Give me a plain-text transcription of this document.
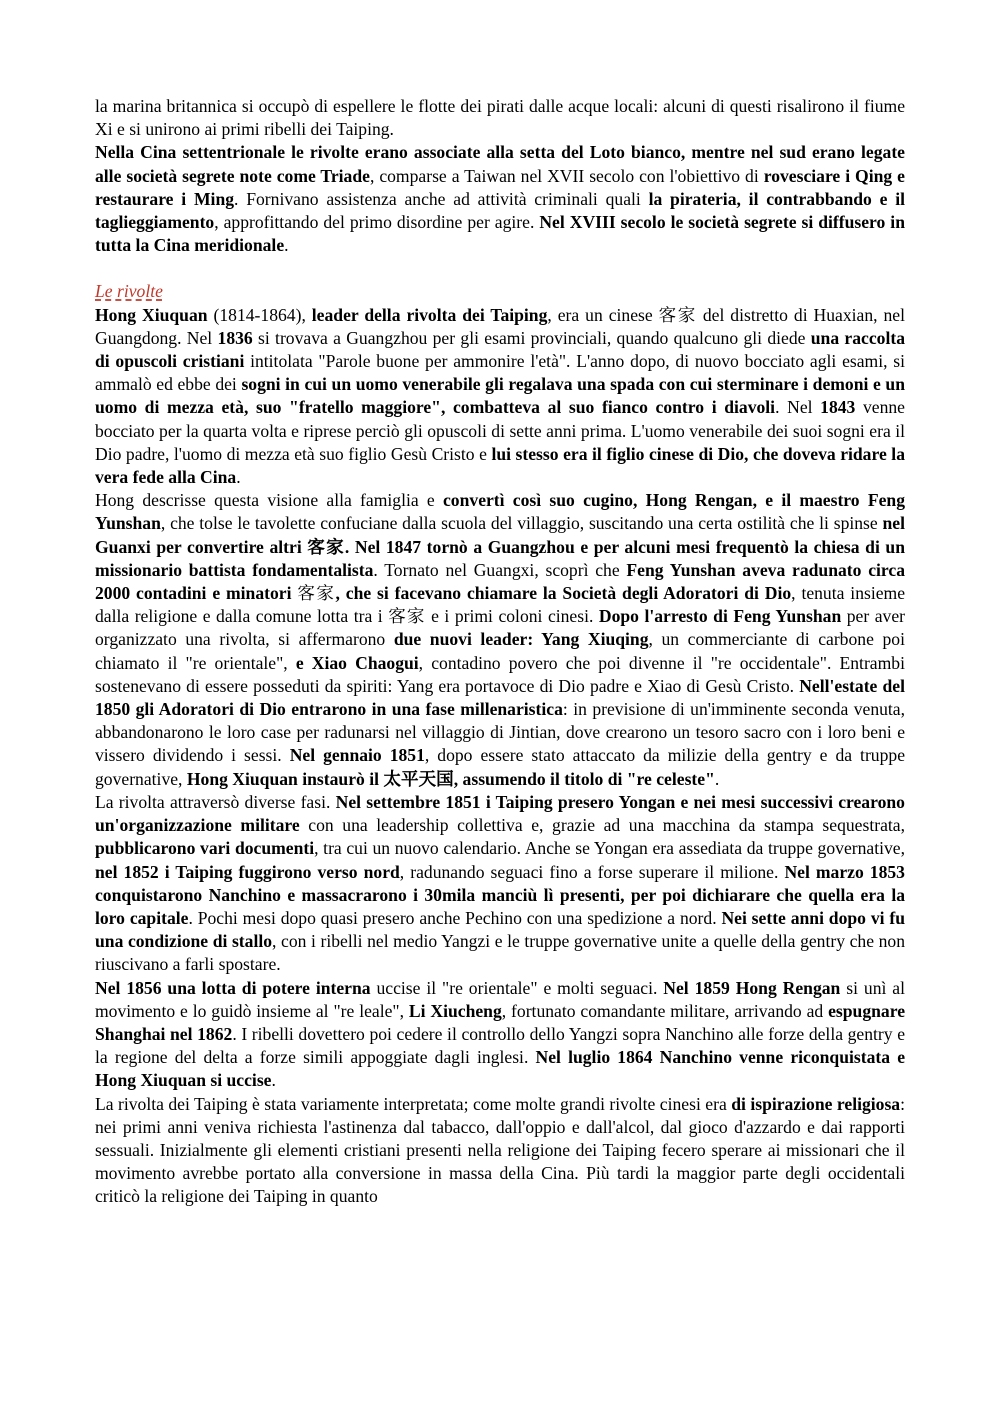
la marina britannica si occupò di espellere le flotte dei pirati dalle acque locali: alcuni di questi risalirono il fiume Xi e si unirono ai primi ribelli dei Taiping.

Nella Cina settentrionale le rivolte erano associate alla setta del Loto bianco, mentre nel sud erano legate alle società segrete note come Triade, comparse a Taiwan nel XVII secolo con l'obiettivo di rovesciare i Qing e restaurare i Ming. Fornivano assistenza anche ad attività criminali quali la pirateria, il contrabbando e il taglieggiamento, approfittando del primo disordine per agire. Nel XVIII secolo le società segrete si diffusero in tutta la Cina meridionale.

Le rivolte

Hong Xiuquan (1814-1864), leader della rivolta dei Taiping, era un cinese 客家 del distretto di Huaxian, nel Guangdong. Nel 1836 si trovava a Guangzhou per gli esami provinciali, quando qualcuno gli diede una raccolta di opuscoli cristiani intitolata "Parole buone per ammonire l'età". L'anno dopo, di nuovo bocciato agli esami, si ammalò ed ebbe dei sogni in cui un uomo venerabile gli regalava una spada con cui sterminare i demoni e un uomo di mezza età, suo "fratello maggiore", combatteva al suo fianco contro i diavoli. Nel 1843 venne bocciato per la quarta volta e riprese perciò gli opuscoli di sette anni prima. L'uomo venerabile dei suoi sogni era il Dio padre, l'uomo di mezza età suo figlio Gesù Cristo e lui stesso era il figlio cinese di Dio, che doveva ridare la vera fede alla Cina.

Hong descrisse questa visione alla famiglia e convertì così suo cugino, Hong Rengan, e il maestro Feng Yunshan, che tolse le tavolette confuciane dalla scuola del villaggio, suscitando una certa ostilità che li spinse nel Guanxi per convertire altri 客家. Nel 1847 tornò a Guangzhou e per alcuni mesi frequentò la chiesa di un missionario battista fondamentalista. Tornato nel Guangxi, scoprì che Feng Yunshan aveva radunato circa 2000 contadini e minatori 客家, che si facevano chiamare la Società degli Adoratori di Dio, tenuta insieme dalla religione e dalla comune lotta tra i 客家 e i primi coloni cinesi. Dopo l'arresto di Feng Yunshan per aver organizzato una rivolta, si affermarono due nuovi leader: Yang Xiuqing, un commerciante di carbone poi chiamato il "re orientale", e Xiao Chaogui, contadino povero che poi divenne il "re occidentale". Entrambi sostenevano di essere posseduti da spiriti: Yang era portavoce di Dio padre e Xiao di Gesù Cristo. Nell'estate del 1850 gli Adoratori di Dio entrarono in una fase millenaristica: in previsione di un'imminente seconda venuta, abbandonarono le loro case per radunarsi nel villaggio di Jintian, dove crearono un tesoro sacro con i loro beni e vissero dividendo i sessi. Nel gennaio 1851, dopo essere stato attaccato da milizie della gentry e da truppe governative, Hong Xiuquan instaurò il 太平天国, assumendo il titolo di "re celeste".

La rivolta attraversò diverse fasi. Nel settembre 1851 i Taiping presero Yongan e nei mesi successivi crearono un'organizzazione militare con una leadership collettiva e, grazie ad una macchina da stampa sequestrata, pubblicarono vari documenti, tra cui un nuovo calendario. Anche se Yongan era assediata da truppe governative, nel 1852 i Taiping fuggirono verso nord, radunando seguaci fino a forse superare il milione. Nel marzo 1853 conquistarono Nanchino e massacrarono i 30mila manciù lì presenti, per poi dichiarare che quella era la loro capitale. Pochi mesi dopo quasi presero anche Pechino con una spedizione a nord. Nei sette anni dopo vi fu una condizione di stallo, con i ribelli nel medio Yangzi e le truppe governative unite a quelle della gentry che non riuscivano a farli spostare.

Nel 1856 una lotta di potere interna uccise il "re orientale" e molti seguaci. Nel 1859 Hong Rengan si unì al movimento e lo guidò insieme al "re leale", Li Xiucheng, fortunato comandante militare, arrivando ad espugnare Shanghai nel 1862. I ribelli dovettero poi cedere il controllo dello Yangzi sopra Nanchino alle forze della gentry e la regione del delta a forze simili appoggiate dagli inglesi. Nel luglio 1864 Nanchino venne riconquistata e Hong Xiuquan si uccise.

La rivolta dei Taiping è stata variamente interpretata; come molte grandi rivolte cinesi era di ispirazione religiosa: nei primi anni veniva richiesta l'astinenza dal tabacco, dall'oppio e dall'alcol, dal gioco d'azzardo e dai rapporti sessuali. Inizialmente gli elementi cristiani presenti nella religione dei Taiping fecero sperare ai missionari che il movimento avrebbe portato alla conversione in massa della Cina. Più tardi la maggior parte degli occidentali criticò la religione dei Taiping in quanto
